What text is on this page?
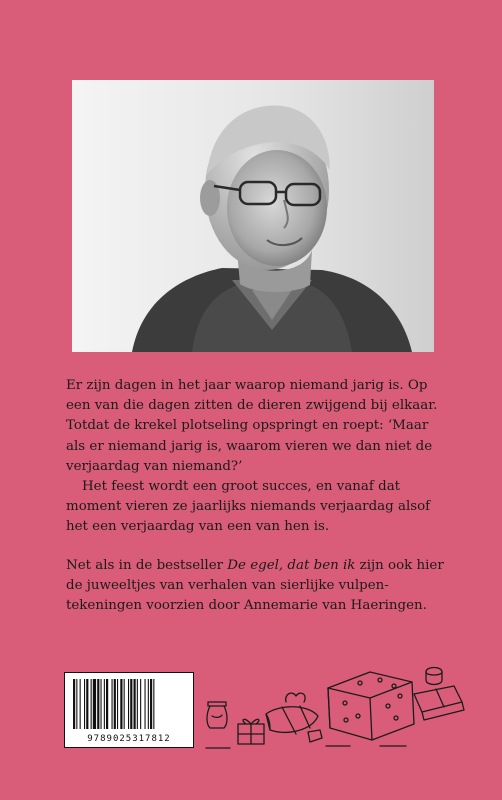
Er zijn dagen in het jaar waarop niemand jarig is. Op een van die dagen zitten de dieren zwijgend bij elkaar. Totdat de krekel plotseling opspringt en roept: ‘Maar als er niemand jarig is, waarom vieren we dan niet de verjaardag van niemand?’

Het feest wordt een groot succes, en vanaf dat moment vieren ze jaarlijks niemands verjaardag alsof het een verjaardag van een van hen is.

Net als in de bestseller De egel, dat ben ik zijn ook hier de juweeltjes van verhalen van sierlijke vulpentekeningen voorzien door Annemarie van Haeringen.

9789025317812
